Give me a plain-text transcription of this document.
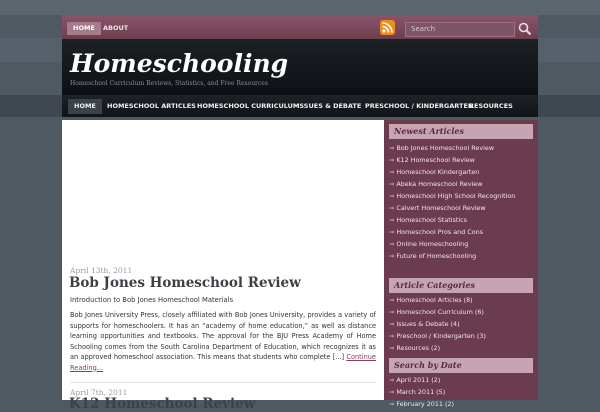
HOME	ABOUT	Search
Homeschooling
Homeschool Curriculum Reviews, Statistics, and Free Resources
HOME	HOMESCHOOL ARTICLES HOMESCHOOL CURRICULUM
ISSUES & DEBATE PRESCHOOL / KINDERGARTEN
RESOURCES
April 13th, 2011
Bob Jones Homeschool Review
Introduction to Bob Jones Homeschool Materials
Bob Jones University Press, closely affiliated with Bob Jones University, provides a variety of supports for homeschoolers. It has an “academy of home education,” as well as distance learning opportunities and textbooks. The approval for the BJU Press Academy of Home Schooling comes from the South Carolina Department of Education, which recognizes it as an approved homeschool association. This means that students who complete [...] Continue Reading...
April 7th, 2011
K12 Homeschool Review
Newest Articles
⇒ Bob Jones Homeschool Review
⇒ K12 Homeschool Review
⇒ Homeschool Kindergarten
⇒ Abeka Homeschool Review
⇒ Homeschool High School Recognition
⇒ Calvert Homeschool Review
⇒ Homeschool Statistics
⇒ Homeschool Pros and Cons
⇒ Online Homeschooling
⇒ Future of Homeschooling
Article Categories
⇒ Homeschool Articles (8)
⇒ Homeschool Curriculum (6)
⇒ Issues & Debate (4)
⇒ Preschool / Kindergarten (3)
⇒ Resources (2)
Search by Date
⇒ April 2011 (2)
⇒ March 2011 (5)
⇒ February 2011 (2)
